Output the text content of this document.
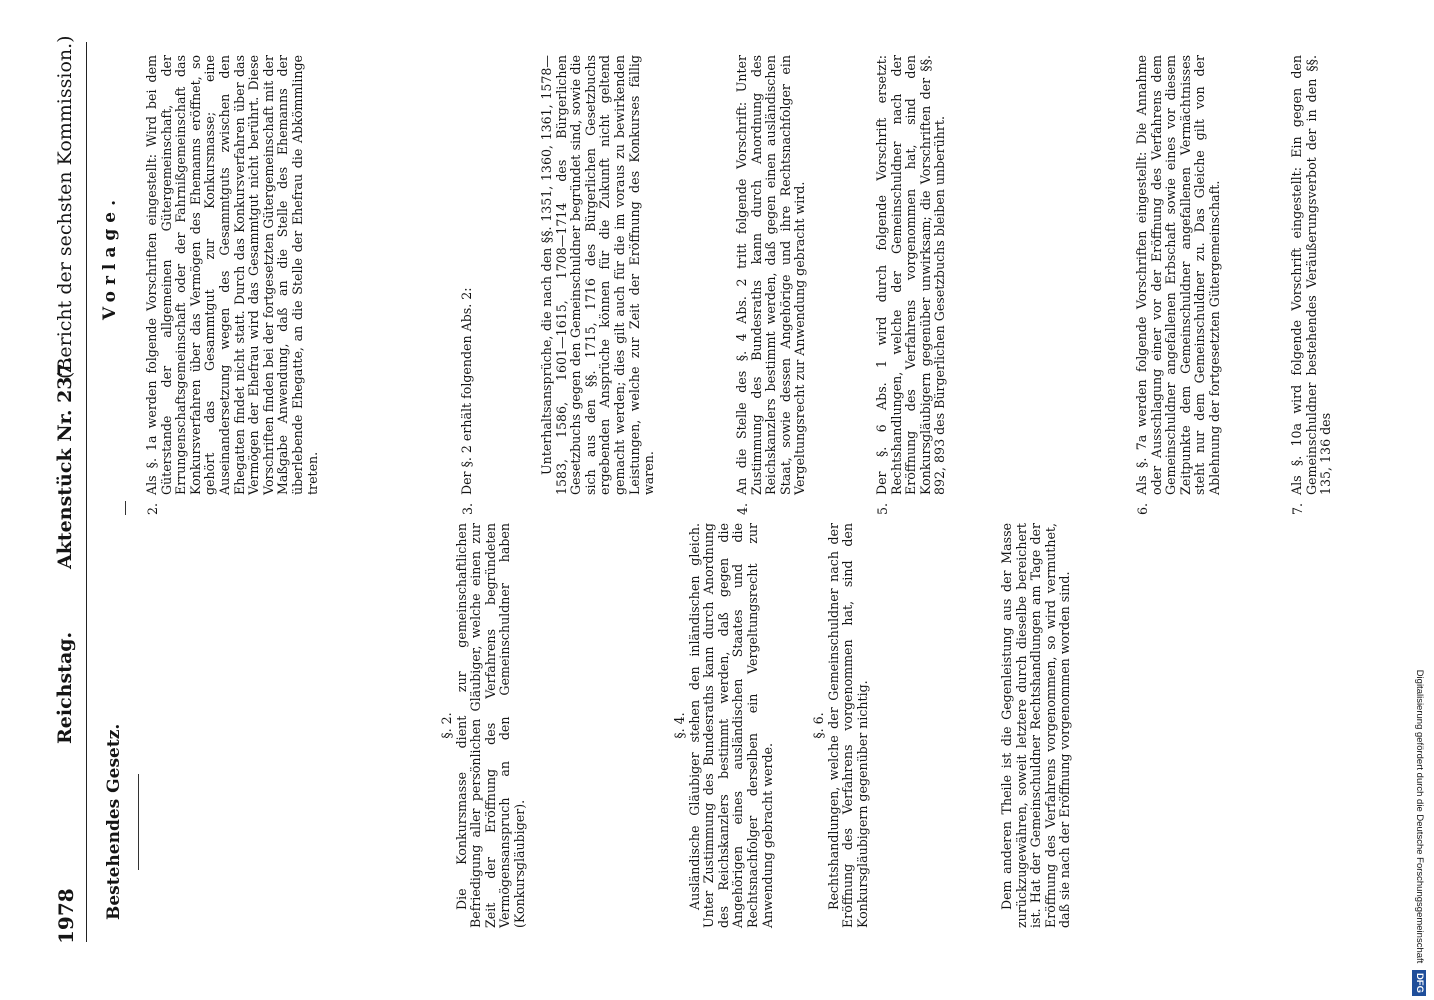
1978
Reichstag.
Aktenstück Nr. 237.
(Bericht der sechsten Kommission.)
Bestehendes Gesetz.	§. 2. Die Konkursmasse dient zur gemeinschaftlichen Befriedigung aller persönlichen Gläubiger, welche einen zur Zeit der Eröffnung des Verfahrens begründeten Vermögensanspruch an den Gemeinschuldner haben (Konkursgläubiger).

§. 4. Ausländische Gläubiger stehen den inländischen gleich. Unter Zustimmung des Bundesraths kann durch Anordnung des Reichskanzlers bestimmt werden, daß gegen die Angehörigen eines ausländischen Staates und die Rechtsnachfolger derselben ein Vergeltungsrecht zur Anwendung gebracht werde.

§. 6. Rechtshandlungen, welche der Gemeinschuldner nach der Eröffnung des Verfahrens vorgenommen hat, sind den Konkursgläubigern gegenüber nichtig.	Dem anderen Theile ist die Gegenleistung aus der Masse zurückzugewähren, soweit letztere durch dieselbe bereichert ist. Hat der Gemeinschuldner Rechtshandlungen am Tage der Eröffnung des Verfahrens vorgenommen, so wird vermuthet, daß sie nach der Eröffnung vorgenommen worden sind.

Vorlage.
2.
Als §. 1a werden folgende Vorschriften eingestellt: Wird bei dem Güterstande der allgemeinen Gütergemeinschaft, der Errungenschaftsgemeinschaft oder der Fahrnißgemeinschaft das Konkursverfahren über das Vermögen des Ehemanns eröffnet, so gehört das Gesammtgut zur Konkursmasse; eine Auseinandersetzung wegen des Gesammtguts zwischen den Ehegatten findet nicht statt. Durch das Konkursverfahren über das Vermögen der Ehefrau wird das Gesammtgut nicht berührt. Diese Vorschriften finden bei der fortgesetzten Gütergemeinschaft mit der Maßgabe Anwendung, daß an die Stelle des Ehemanns der überlebende Ehegatte, an die Stelle der Ehefrau die Abkömmlinge treten.
3.
Der §. 2 erhält folgenden Abs. 2:	Unterhaltsansprüche, die nach den §§. 1351, 1360, 1361, 1578—1583, 1586, 1601—1615, 1708—1714 des Bürgerlichen Gesetzbuchs gegen den Gemeinschuldner begründet sind, sowie die sich aus den §§. 1715, 1716 des Bürgerlichen Gesetzbuchs ergebenden Ansprüche können für die Zukunft nicht geltend gemacht werden; dies gilt auch für die im voraus zu bewirkenden Leistungen, welche zur Zeit der Eröffnung des Konkurses fällig waren.
4.
An die Stelle des §. 4 Abs. 2 tritt folgende Vorschrift: Unter Zustimmung des Bundesraths kann durch Anordnung des Reichskanzlers bestimmt werden, daß gegen einen ausländischen Staat, sowie dessen Angehörige und ihre Rechtsnachfolger ein Vergeltungsrecht zur Anwendung gebracht wird.
5.
Der §. 6 Abs. 1 wird durch folgende Vorschrift ersetzt: Rechtshandlungen, welche der Gemeinschuldner nach der Eröffnung des Verfahrens vorgenommen hat, sind den Konkursgläubigern gegenüber unwirksam; die Vorschriften der §§. 892, 893 des Bürgerlichen Gesetzbuchs bleiben unberührt.
6.
Als §. 7a werden folgende Vorschriften eingestellt: Die Annahme oder Ausschlagung einer vor der Eröffnung des Verfahrens dem Gemeinschuldner angefallenen Erbschaft sowie eines vor diesem Zeitpunkte dem Gemeinschuldner angefallenen Vermächtnisses steht nur dem Gemeinschuldner zu. Das Gleiche gilt von der Ablehnung der fortgesetzten Gütergemeinschaft.
7.
Als §. 10a wird folgende Vorschrift eingestellt: Ein gegen den Gemeinschuldner bestehendes Veräußerungsverbot der in den §§. 135, 136 des
Digitalisierung gefördert durch die Deutsche Forschungsgemeinschaft DFG
